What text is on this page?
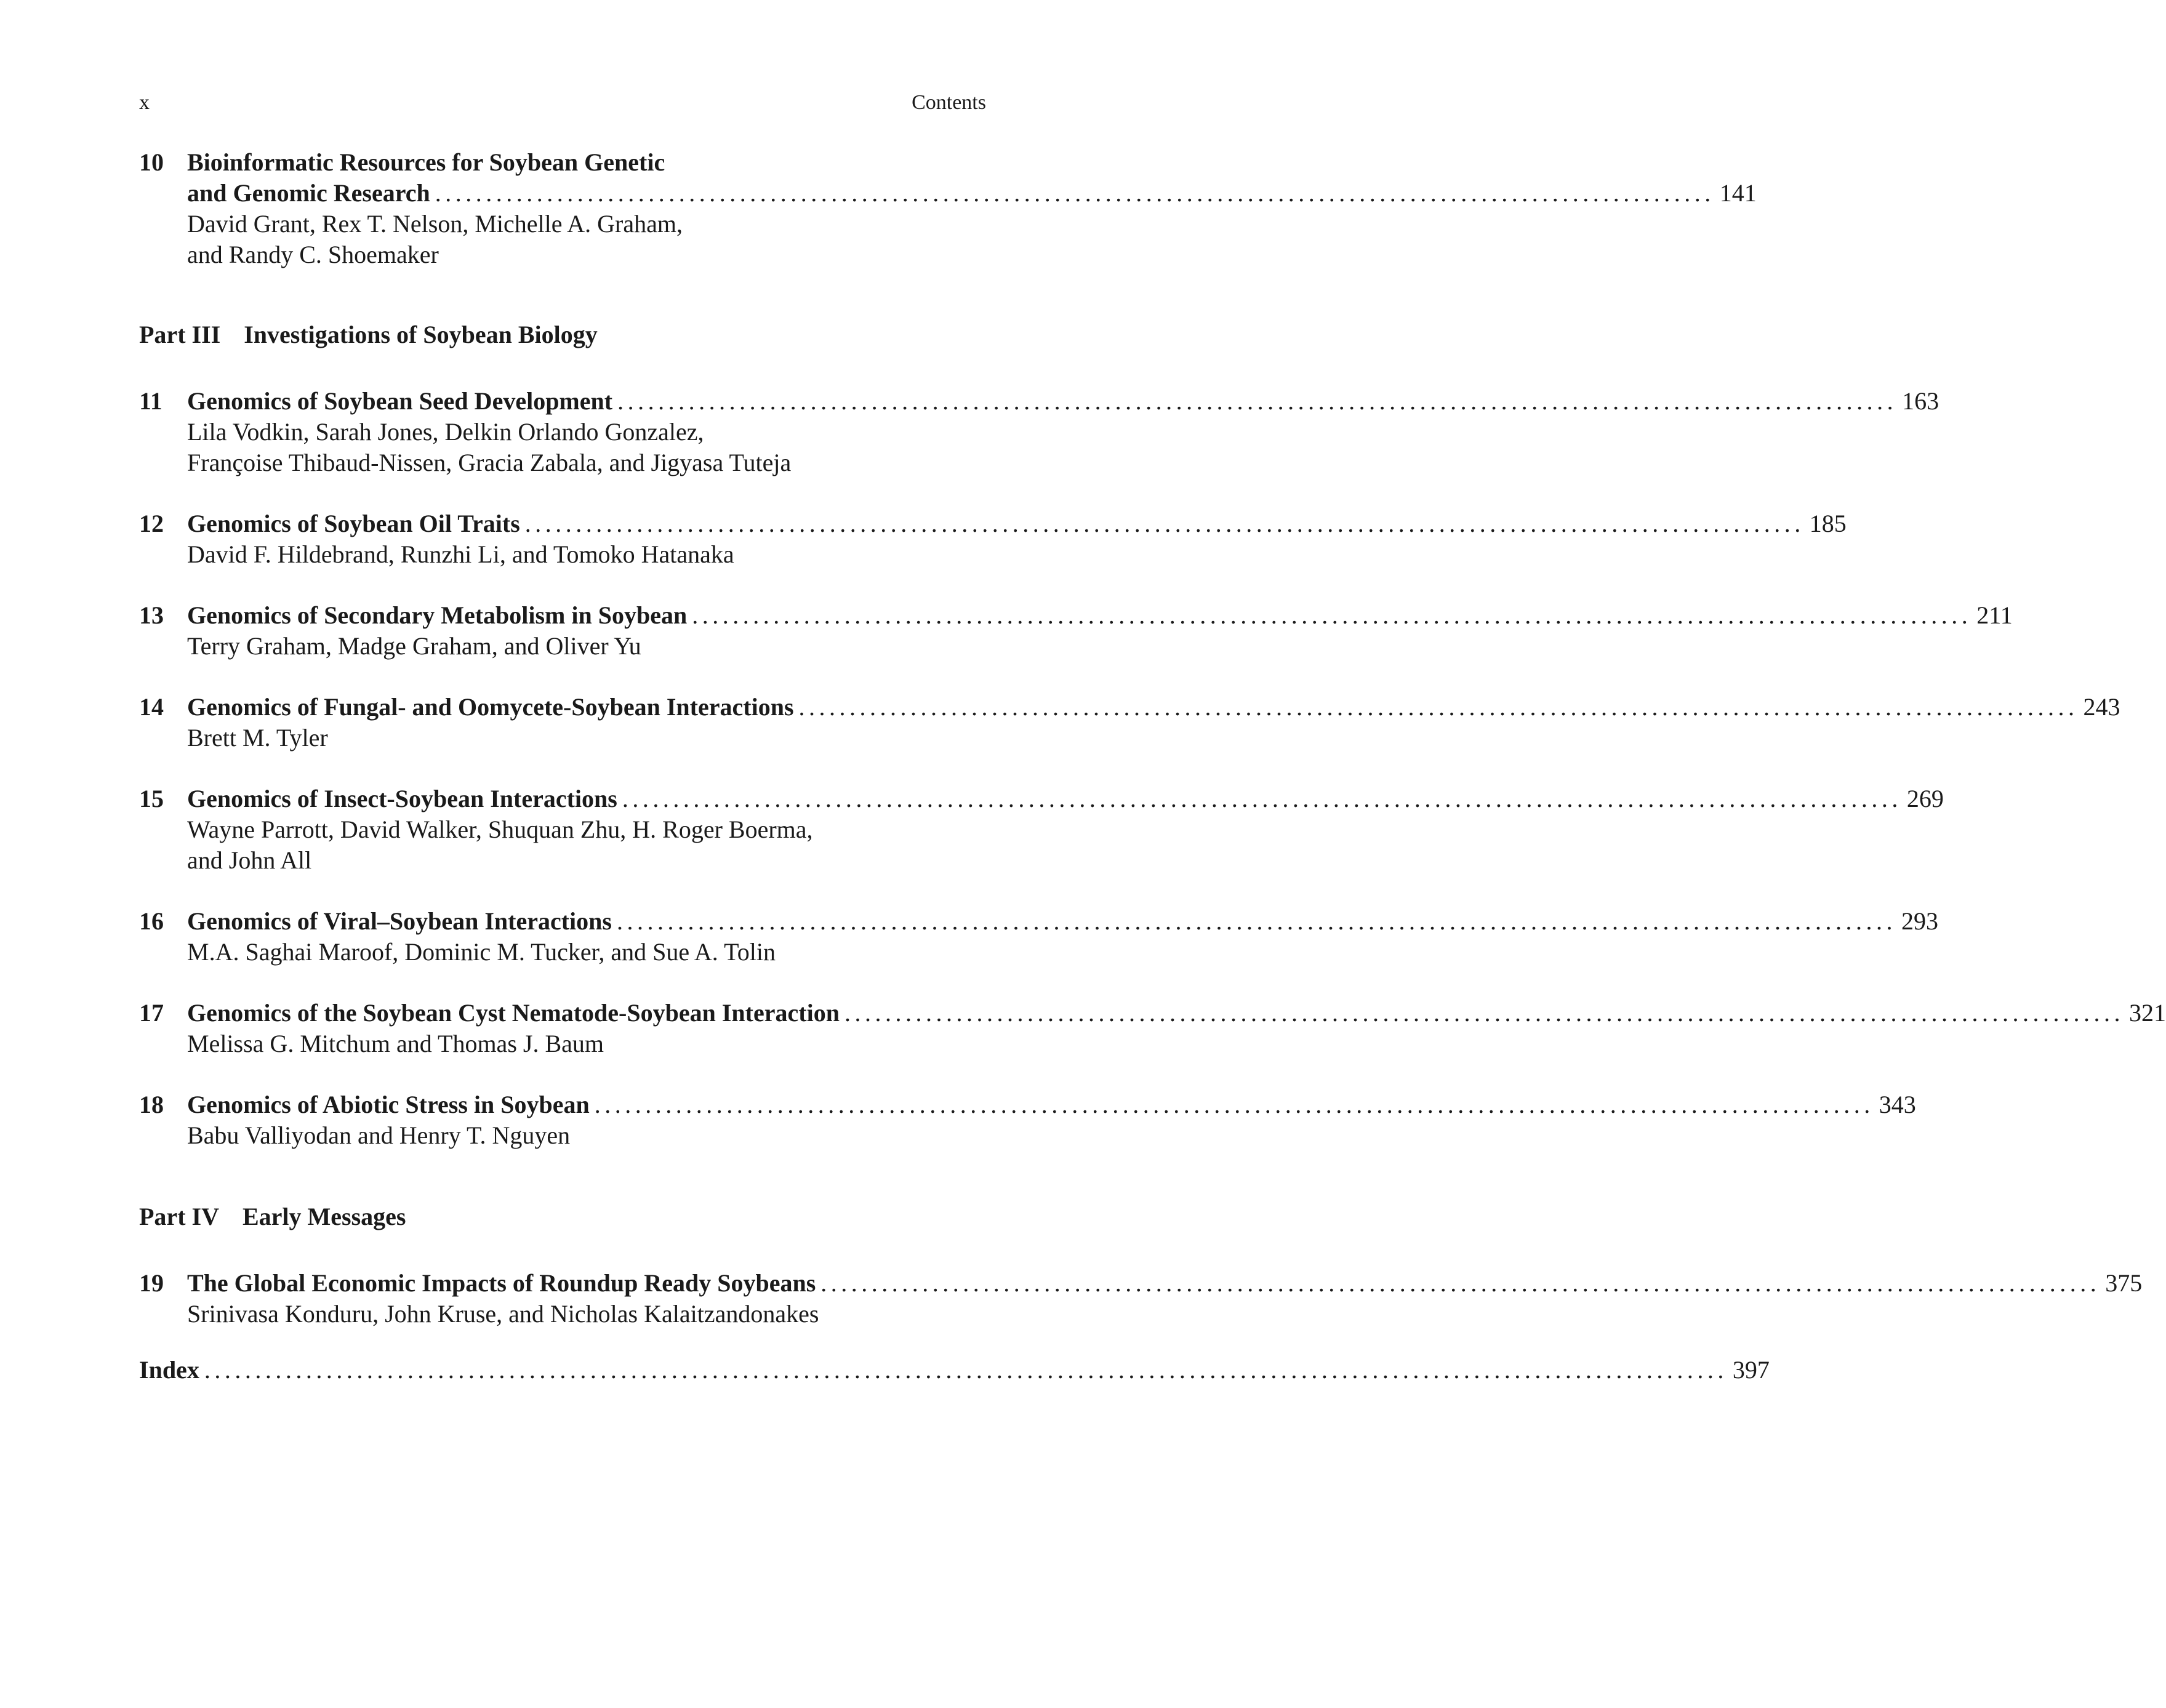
x	Contents
10 Bioinformatic Resources for Soybean Genetic
and Genomic Research .............................................................................................................................. 141
David Grant, Rex T. Nelson, Michelle A. Graham,
and Randy C. Shoemaker
Part III Investigations of Soybean Biology
11 Genomics of Soybean Seed Development .............................................................................................................................. 163
Lila Vodkin, Sarah Jones, Delkin Orlando Gonzalez,
Françoise Thibaud-Nissen, Gracia Zabala, and Jigyasa Tuteja
12 Genomics of Soybean Oil Traits .............................................................................................................................. 185
David F. Hildebrand, Runzhi Li, and Tomoko Hatanaka
13 Genomics of Secondary Metabolism in Soybean .............................................................................................................................. 211
Terry Graham, Madge Graham, and Oliver Yu
14 Genomics of Fungal- and Oomycete-Soybean Interactions .............................................................................................................................. 243
Brett M. Tyler
15 Genomics of Insect-Soybean Interactions .............................................................................................................................. 269
Wayne Parrott, David Walker, Shuquan Zhu, H. Roger Boerma,
and John All
16 Genomics of Viral–Soybean Interactions .............................................................................................................................. 293
M.A. Saghai Maroof, Dominic M. Tucker, and Sue A. Tolin
17 Genomics of the Soybean Cyst Nematode-Soybean Interaction .............................................................................................................................. 321
Melissa G. Mitchum and Thomas J. Baum
18 Genomics of Abiotic Stress in Soybean .............................................................................................................................. 343
Babu Valliyodan and Henry T. Nguyen
Part IV Early Messages
19 The Global Economic Impacts of Roundup Ready Soybeans .............................................................................................................................. 375
Srinivasa Konduru, John Kruse, and Nicholas Kalaitzandonakes
Index ...................................................................................................................................................... 397
